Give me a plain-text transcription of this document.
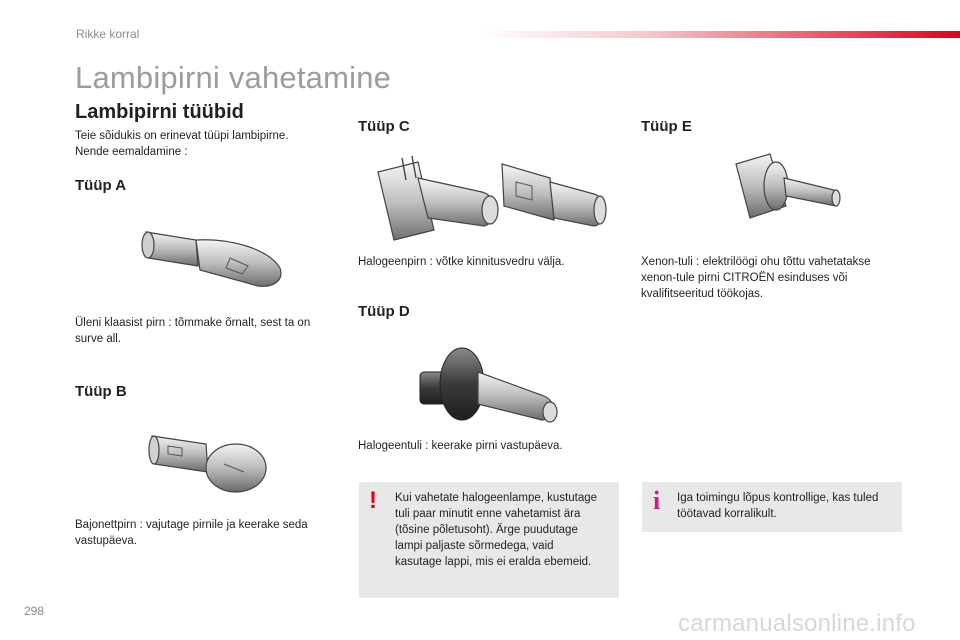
Rikke korral
Lambipirni vahetamine
Lambipirni tüübid
Teie sõidukis on erinevat tüüpi lambipirne.
Nende eemaldamine :
Tüüp A
Üleni klaasist pirn : tõmmake õrnalt, sest ta on
surve all.
Tüüp B
Bajonettpirn : vajutage pirnile ja keerake seda
vastupäeva.
Tüüp C
Halogeenpirn : võtke kinnitusvedru välja.
Tüüp D
Halogeentuli : keerake pirni vastupäeva.
Tüüp E
Xenon-tuli : elektrilöögi ohu tõttu vahetatakse
xenon-tule pirni CITROËN esinduses või
kvalifitseeritud töökojas.
! Kui vahetate halogeenlampe, kustutage
tuli paar minutit enne vahetamist ära
(tõsine põletusoht). Ärge puudutage
lampi paljaste sõrmedega, vaid
kasutage lappi, mis ei eralda ebemeid.
i Iga toimingu lõpus kontrollige, kas tuled
töötavad korralikult.
298	carmanualsonline.info
